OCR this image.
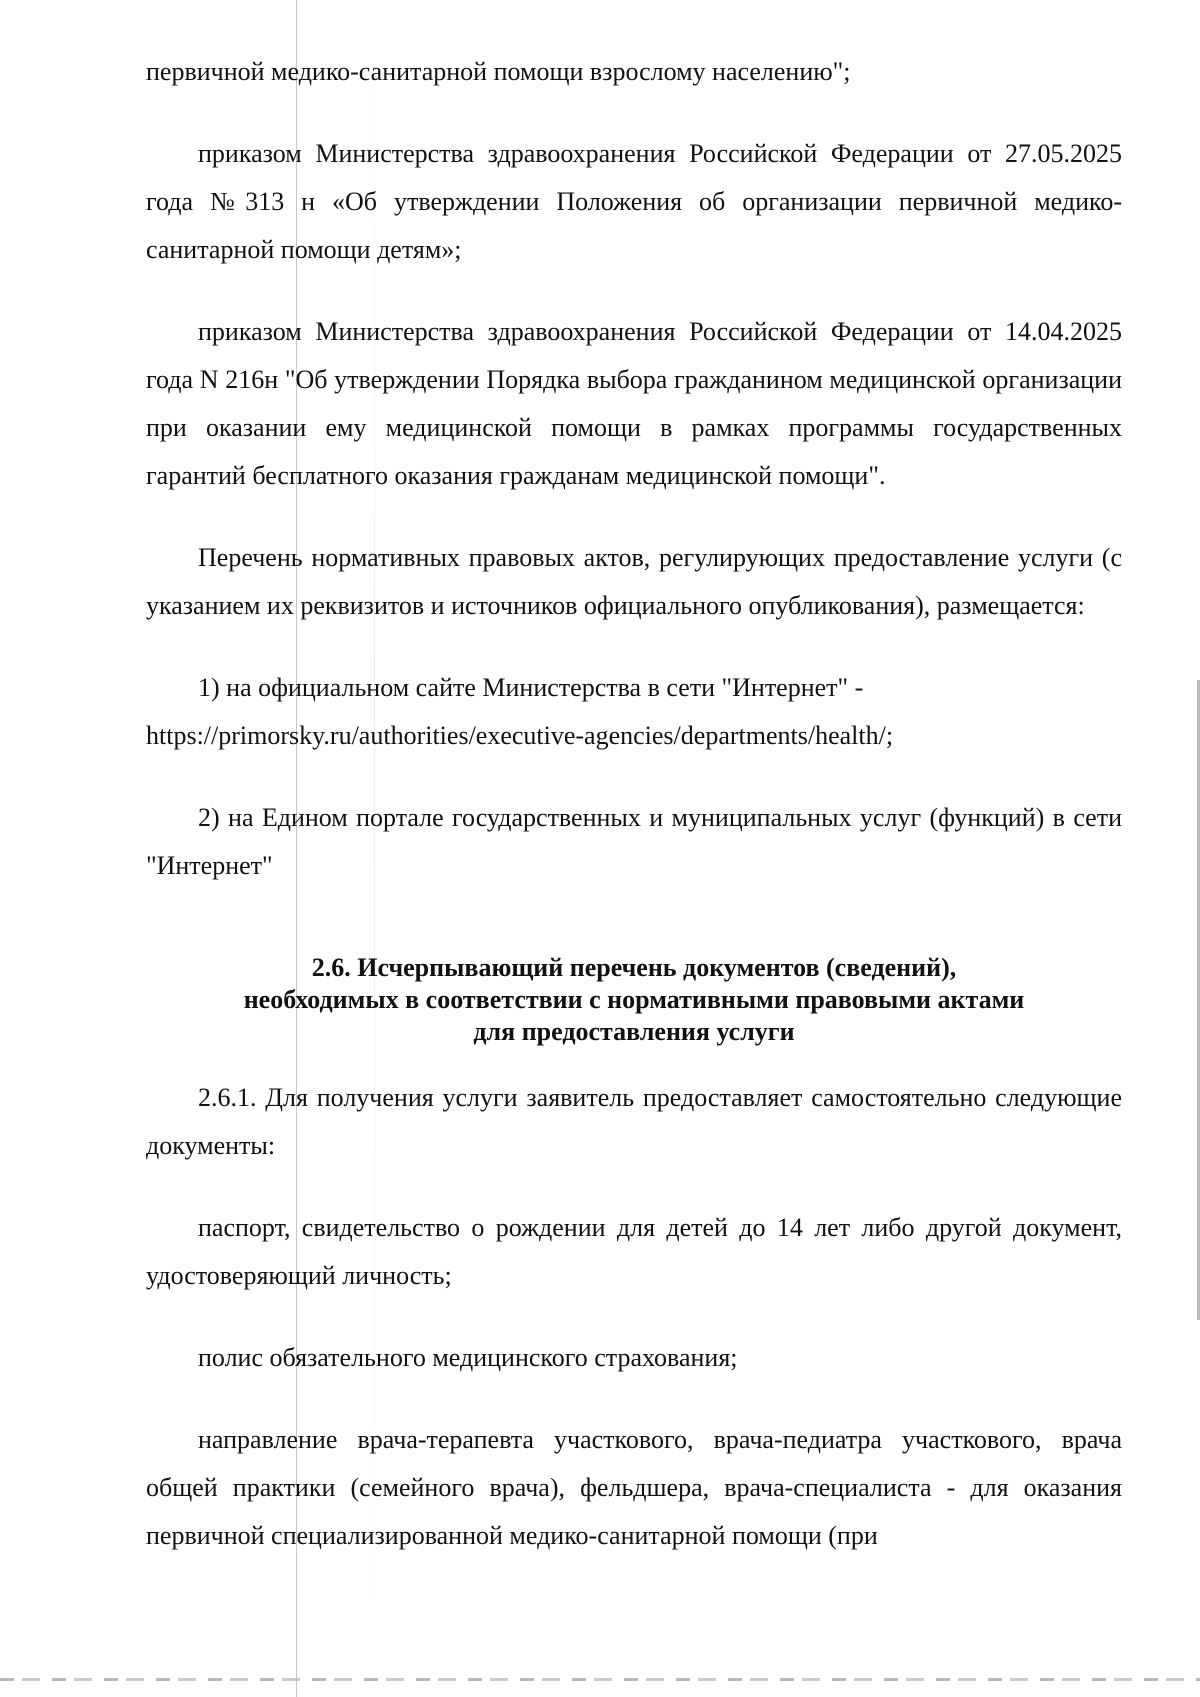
первичной медико-санитарной помощи взрослому населению";

приказом Министерства здравоохранения Российской Федерации от 27.05.2025 года №313 н «Об утверждении Положения об организации первичной медико-санитарной помощи детям»;

приказом Министерства здравоохранения Российской Федерации от 14.04.2025 года N 216н "Об утверждении Порядка выбора гражданином медицинской организации при оказании ему медицинской помощи в рамках программы государственных гарантий бесплатного оказания гражданам медицинской помощи".

Перечень нормативных правовых актов, регулирующих предоставление услуги (с указанием их реквизитов и источников официального опубликования), размещается:

1) на официальном сайте Министерства в сети "Интернет" - https://primorsky.ru/authorities/executive-agencies/departments/health/;

2) на Едином портале государственных и муниципальных услуг (функций) в сети "Интернет"

2.6. Исчерпывающий перечень документов (сведений),
необходимых в соответствии с нормативными правовыми актами
для предоставления услуги

2.6.1. Для получения услуги заявитель предоставляет самостоятельно следующие документы:

паспорт, свидетельство о рождении для детей до 14 лет либо другой документ, удостоверяющий личность;

полис обязательного медицинского страхования;

направление врача-терапевта участкового, врача-педиатра участкового, врача общей практики (семейного врача), фельдшера, врача-специалиста - для оказания первичной специализированной медико-санитарной помощи (при
